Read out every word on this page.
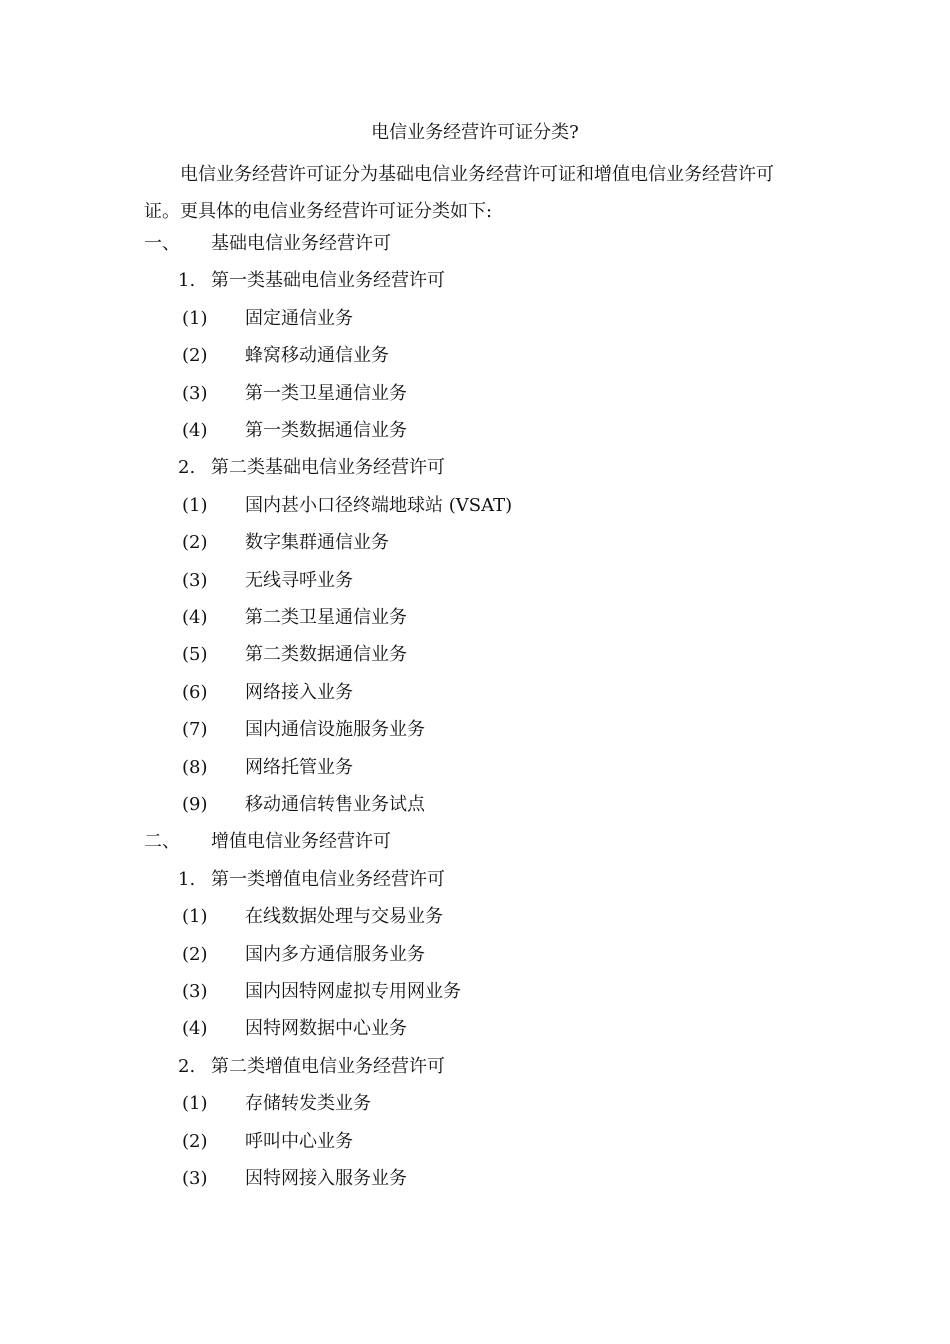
电信业务经营许可证分类?
电信业务经营许可证分为基础电信业务经营许可证和增值电信业务经营许可证。更具体的电信业务经营许可证分类如下:
一、 基础电信业务经营许可
1. 第一类基础电信业务经营许可
(1) 固定通信业务
(2) 蜂窝移动通信业务
(3) 第一类卫星通信业务
(4) 第一类数据通信业务
2. 第二类基础电信业务经营许可
(1) 国内甚小口径终端地球站 (VSAT)
(2) 数字集群通信业务
(3) 无线寻呼业务
(4) 第二类卫星通信业务
(5) 第二类数据通信业务
(6) 网络接入业务
(7) 国内通信设施服务业务
(8) 网络托管业务
(9) 移动通信转售业务试点
二、 增值电信业务经营许可
1. 第一类增值电信业务经营许可
(1) 在线数据处理与交易业务
(2) 国内多方通信服务业务
(3) 国内因特网虚拟专用网业务
(4) 因特网数据中心业务
2. 第二类增值电信业务经营许可
(1) 存储转发类业务
(2) 呼叫中心业务
(3) 因特网接入服务业务
